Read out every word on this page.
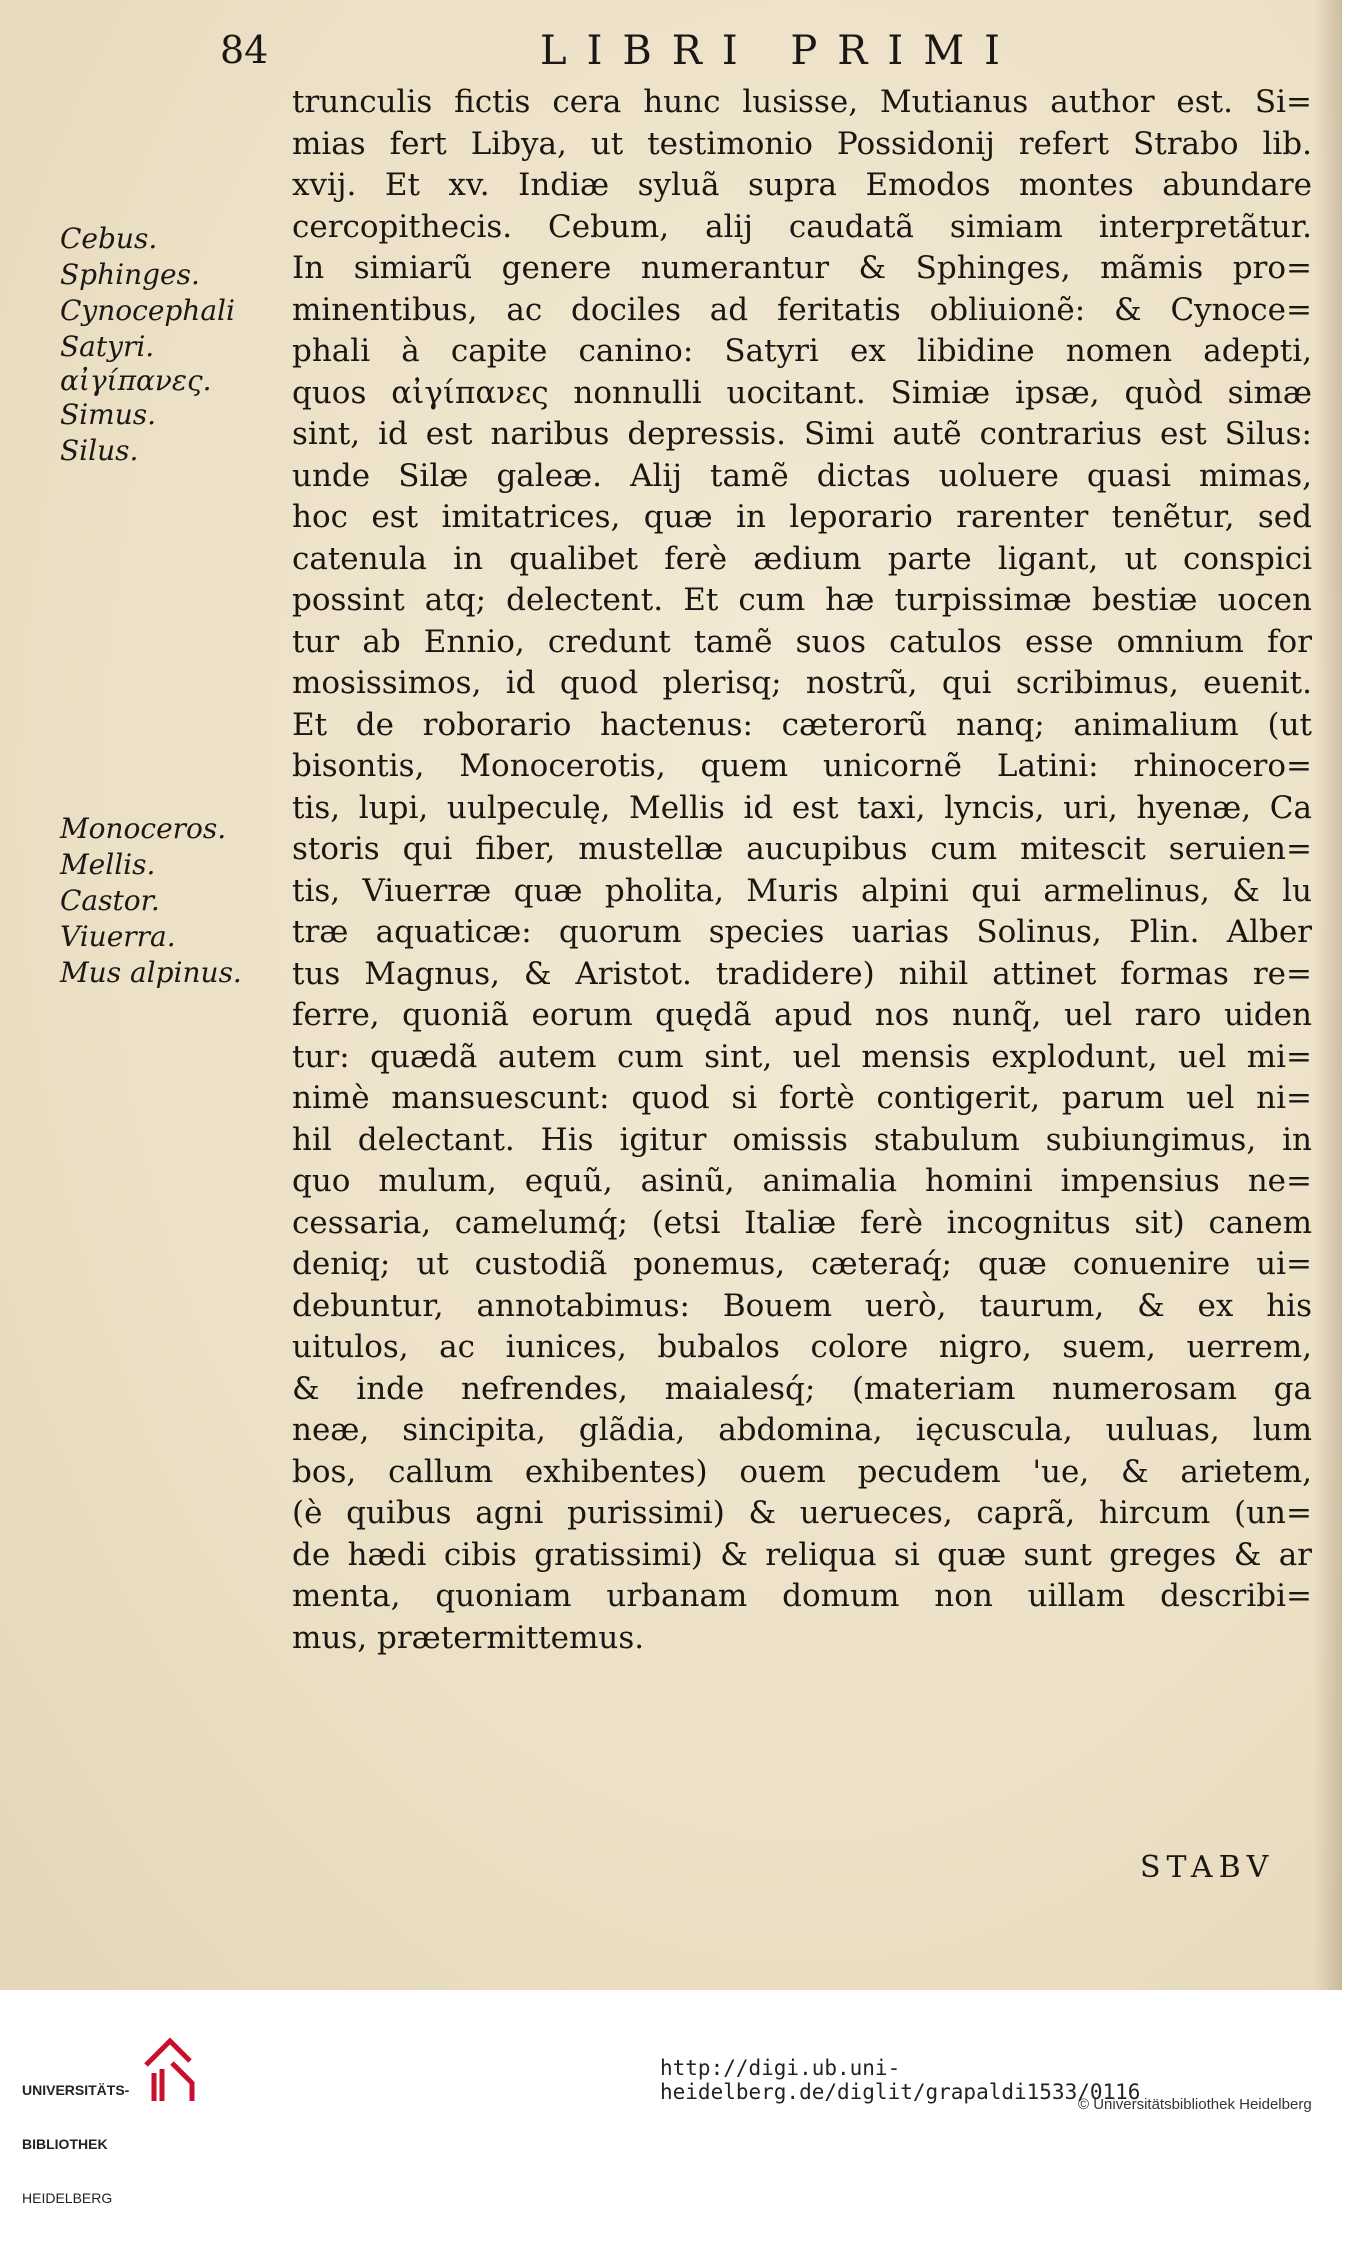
84	LIBRI PRIMI
Cebus.
Sphinges.
Cynocephali
Satyri.
αἰγίπανες.
Simus.
Silus.
Monoceros.
Mellis.
Castor.
Viuerra.
Mus alpinus.
trunculis fictis cera hunc lusisse, Mutianus author est. Si=
mias fert Libya, ut testimonio Possidonij refert Strabo lib.
xvij. Et xv. Indiæ syluã supra Emodos montes abundare
cercopithecis. Cebum, alij caudatã simiam interpretãtur.
In simiarũ genere numerantur & Sphinges, mãmis pro=
minentibus, ac dociles ad feritatis obliuionẽ: & Cynoce=
phali à capite canino: Satyri ex libidine nomen adepti,
quos αἰγίπανες nonnulli uocitant. Simiæ ipsæ, quòd simæ
sint, id est naribus depressis. Simi autẽ contrarius est Silus:
unde Silæ galeæ. Alij tamẽ dictas uoluere quasi mimas,
hoc est imitatrices, quæ in leporario rarenter tenẽtur, sed
catenula in qualibet ferè ædium parte ligant, ut conspici
possint atq; delectent. Et cum hæ turpissimæ bestiæ uocen
tur ab Ennio, credunt tamẽ suos catulos esse omnium for
mosissimos, id quod plerisq; nostrũ, qui scribimus, euenit.
Et de roborario hactenus: cæterorũ nanq; animalium (ut
bisontis, Monocerotis, quem unicornẽ Latini: rhinocero=
tis, lupi, uulpeculę, Mellis id est taxi, lyncis, uri, hyenæ, Ca
storis qui fiber, mustellæ aucupibus cum mitescit seruien=
tis, Viuerræ quæ pholita, Muris alpini qui armelinus, & lu
træ aquaticæ: quorum species uarias Solinus, Plin. Alber
tus Magnus, & Aristot. tradidere) nihil attinet formas re=
ferre, quoniã eorum quędã apud nos nunq̃, uel raro uiden
tur: quædã autem cum sint, uel mensis explodunt, uel mi=
nimè mansuescunt: quod si fortè contigerit, parum uel ni=
hil delectant. His igitur omissis stabulum subiungimus, in
quo mulum, equũ, asinũ, animalia homini impensius ne=
cessaria, camelumq́; (etsi Italiæ ferè incognitus sit) canem
deniq; ut custodiã ponemus, cæteraq́; quæ conuenire ui=
debuntur, annotabimus: Bouem uerò, taurum, & ex his
uitulos, ac iunices, bubalos colore nigro, suem, uerrem,
& inde nefrendes, maialesq́; (materiam numerosam ga
neæ, sincipita, glãdia, abdomina, ięcuscula, uuluas, lum
bos, callum exhibentes) ouem pecudem 'ue, & arietem,
(è quibus agni purissimi) & uerueces, caprã, hircum (un=
de hædi cibis gratissimi) & reliqua si quæ sunt greges & ar
menta, quoniam urbanam domum non uillam describi=
mus, prætermittemus.
STABV

UNIVERSITÄTS-

BIBLIOTHEK

HEIDELBERG

http://digi.ub.uni-heidelberg.de/diglit/grapaldi1533/0116
© Universitätsbibliothek Heidelberg
